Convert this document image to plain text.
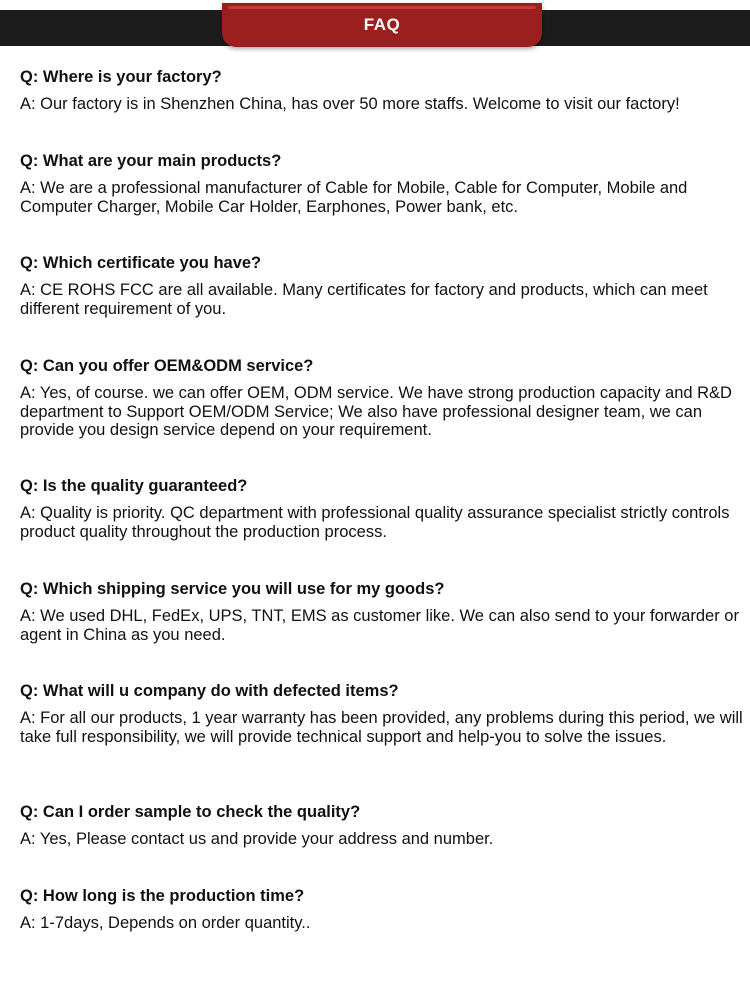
FAQ

Q: Where is your factory?

A: Our factory is in Shenzhen China, has over 50 more staffs. Welcome to visit our factory!

Q: What are your main products?

A: We are a professional manufacturer of Cable for Mobile, Cable for Computer, Mobile and Computer Charger, Mobile Car Holder, Earphones, Power bank, etc.

Q: Which certificate you have?

A: CE ROHS FCC are all available. Many certificates for factory and products, which can meet different requirement of you.

Q: Can you offer OEM&ODM service?

A: Yes, of course. we can offer OEM, ODM service. We have strong production capacity and R&D department to Support OEM/ODM Service; We also have professional designer team, we can provide you design service depend on your requirement.

Q: Is the quality guaranteed?

A: Quality is priority. QC department with professional quality assurance specialist strictly controls product quality throughout the production process.

Q: Which shipping service you will use for my goods?

A: We used DHL, FedEx, UPS, TNT, EMS as customer like. We can also send to your forwarder or agent in China as you need.

Q: What will u company do with defected items?

A: For all our products, 1 year warranty has been provided, any problems during this period, we will take full responsibility, we will provide technical support and help-you to solve the issues.

Q: Can I order sample to check the quality?

A: Yes, Please contact us and provide your address and number.

Q: How long is the production time?

A: 1-7days, Depends on order quantity..
